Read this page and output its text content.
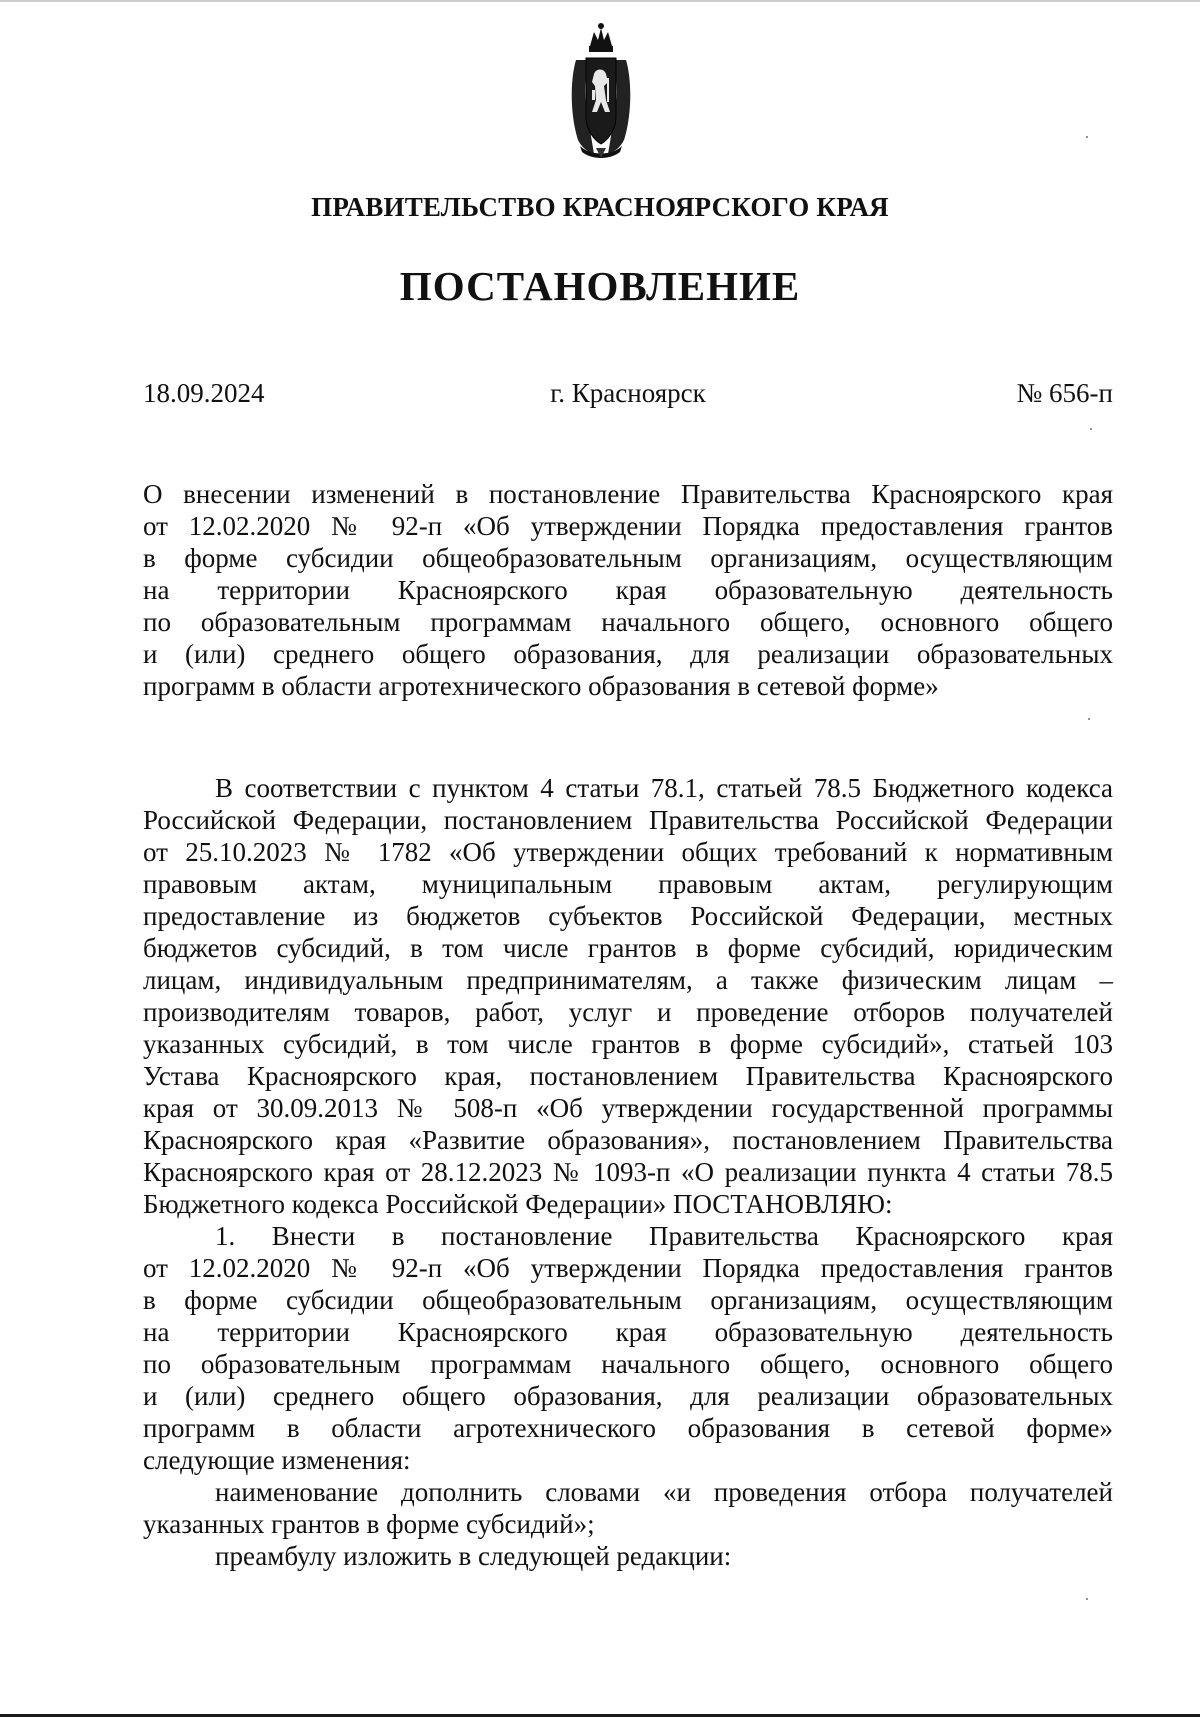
ПРАВИТЕЛЬСТВО КРАСНОЯРСКОГО КРАЯ
ПОСТАНОВЛЕНИЕ
г. Красноярск
18.09.2024	№ 656-п
О внесении изменений в постановление Правительства Красноярского края
от 12.02.2020 № 92-п «Об утверждении Порядка предоставления грантов
в форме субсидии общеобразовательным организациям, осуществляющим
на территории Красноярского края образовательную деятельность
по образовательным программам начального общего, основного общего
и (или) среднего общего образования, для реализации образовательных
программ в области агротехнического образования в сетевой форме»
В соответствии с пунктом 4 статьи 78.1, статьей 78.5 Бюджетного кодекса
Российской Федерации, постановлением Правительства Российской Федерации
от 25.10.2023 № 1782 «Об утверждении общих требований к нормативным
правовым актам, муниципальным правовым актам, регулирующим
предоставление из бюджетов субъектов Российской Федерации, местных
бюджетов субсидий, в том числе грантов в форме субсидий, юридическим
лицам, индивидуальным предпринимателям, а также физическим лицам –
производителям товаров, работ, услуг и проведение отборов получателей
указанных субсидий, в том числе грантов в форме субсидий», статьей 103
Устава Красноярского края, постановлением Правительства Красноярского
края от 30.09.2013 № 508-п «Об утверждении государственной программы
Красноярского края «Развитие образования», постановлением Правительства
Красноярского края от 28.12.2023 № 1093-п «О реализации пункта 4 статьи 78.5
Бюджетного кодекса Российской Федерации» ПОСТАНОВЛЯЮ:
1. Внести в постановление Правительства Красноярского края
от 12.02.2020 № 92-п «Об утверждении Порядка предоставления грантов
в форме субсидии общеобразовательным организациям, осуществляющим
на территории Красноярского края образовательную деятельность
по образовательным программам начального общего, основного общего
и (или) среднего общего образования, для реализации образовательных
программ в области агротехнического образования в сетевой форме»
следующие изменения:
наименование дополнить словами «и проведения отбора получателей
указанных грантов в форме субсидий»;
преамбулу изложить в следующей редакции:
